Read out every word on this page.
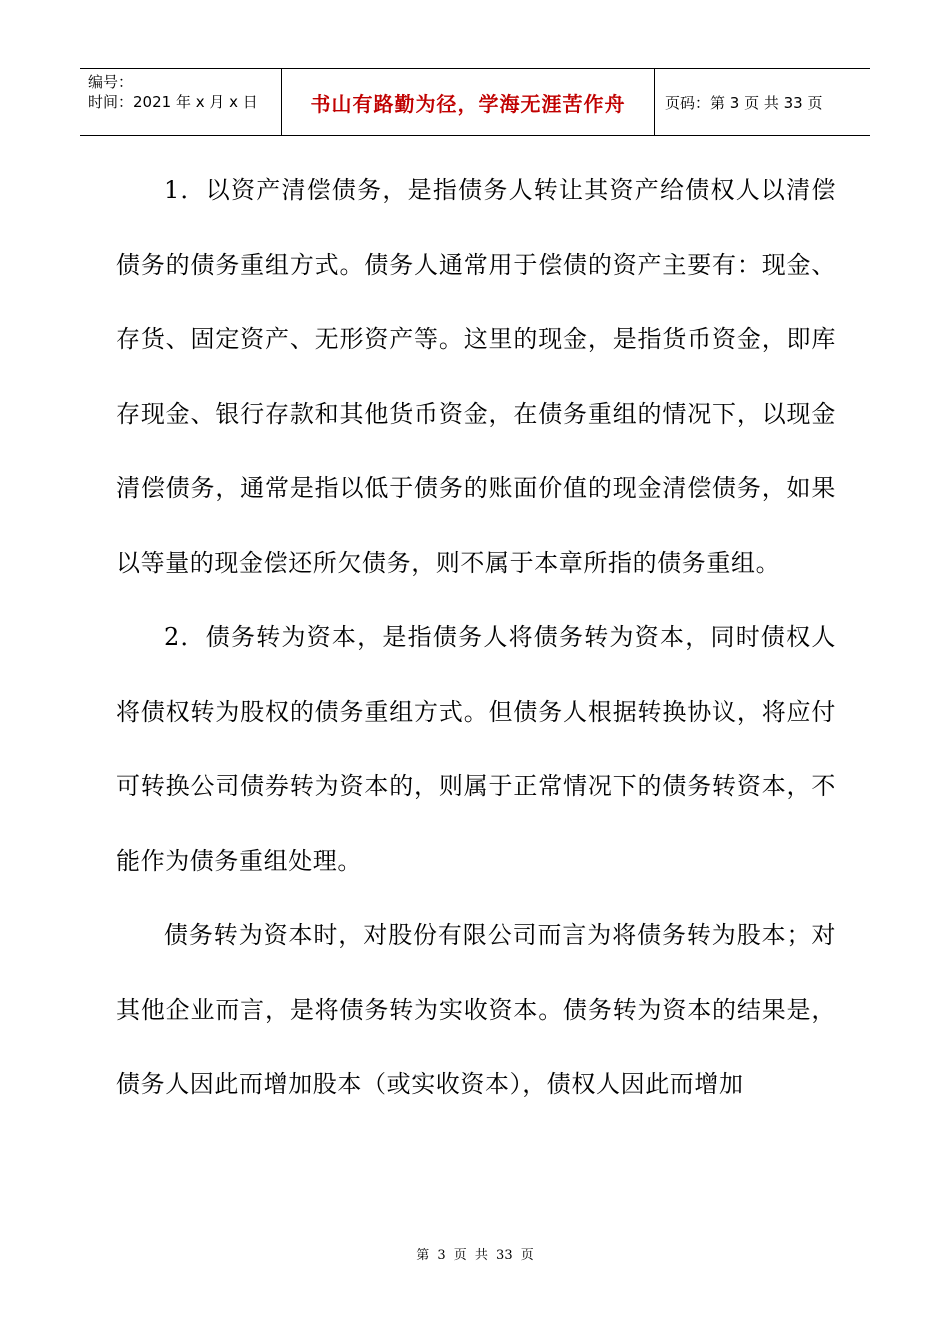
编号：
时间：2021 年 x 月 x 日	书山有路勤为径，学海无涯苦作舟	页码：第 3 页 共 33 页

1．以资产清偿债务，是指债务人转让其资产给债权人以清偿债务的债务重组方式。债务人通常用于偿债的资产主要有：现金、存货、固定资产、无形资产等。这里的现金，是指货币资金，即库存现金、银行存款和其他货币资金，在债务重组的情况下，以现金清偿债务，通常是指以低于债务的账面价值的现金清偿债务，如果以等量的现金偿还所欠债务，则不属于本章所指的债务重组。

2．债务转为资本，是指债务人将债务转为资本，同时债权人将债权转为股权的债务重组方式。但债务人根据转换协议，将应付可转换公司债券转为资本的，则属于正常情况下的债务转资本，不能作为债务重组处理。

债务转为资本时，对股份有限公司而言为将债务转为股本；对其他企业而言，是将债务转为实收资本。债务转为资本的结果是，债务人因此而增加股本（或实收资本），债权人因此而增加

第 3 页 共 33 页
